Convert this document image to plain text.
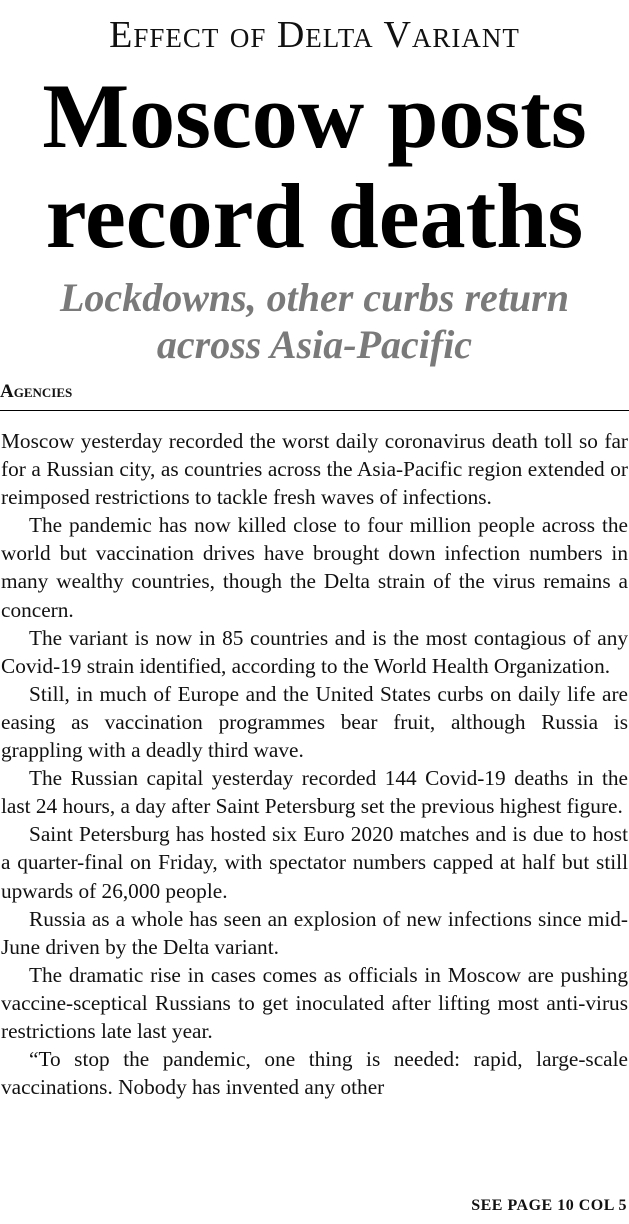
Effect of Delta Variant
Moscow posts
record deaths
Lockdowns, other curbs return
across Asia-Pacific
Agencies

Moscow yesterday recorded the worst daily coronavirus death toll so far for a Russian city, as countries across the Asia-Pacific region extended or reimposed restrictions to tackle fresh waves of infections.

The pandemic has now killed close to four million people across the world but vaccination drives have brought down infection numbers in many wealthy countries, though the Delta strain of the virus remains a concern.

The variant is now in 85 countries and is the most contagious of any Covid-19 strain identified, according to the World Health Organization.

Still, in much of Europe and the United States curbs on daily life are easing as vaccination programmes bear fruit, although Russia is grappling with a deadly third wave.

The Russian capital yesterday recorded 144 Covid-19 deaths in the last 24 hours, a day after Saint Petersburg set the previous highest figure.

Saint Petersburg has hosted six Euro 2020 matches and is due to host a quarter-final on Friday, with spectator numbers capped at half but still upwards of 26,000 people.

Russia as a whole has seen an explosion of new infections since mid-June driven by the Delta variant.

The dramatic rise in cases comes as officials in Moscow are pushing vaccine-sceptical Russians to get inoculated after lifting most anti-virus restrictions late last year.

“To stop the pandemic, one thing is needed: rapid, large-scale vaccinations. Nobody has invented any other

SEE PAGE 10 COL 5
